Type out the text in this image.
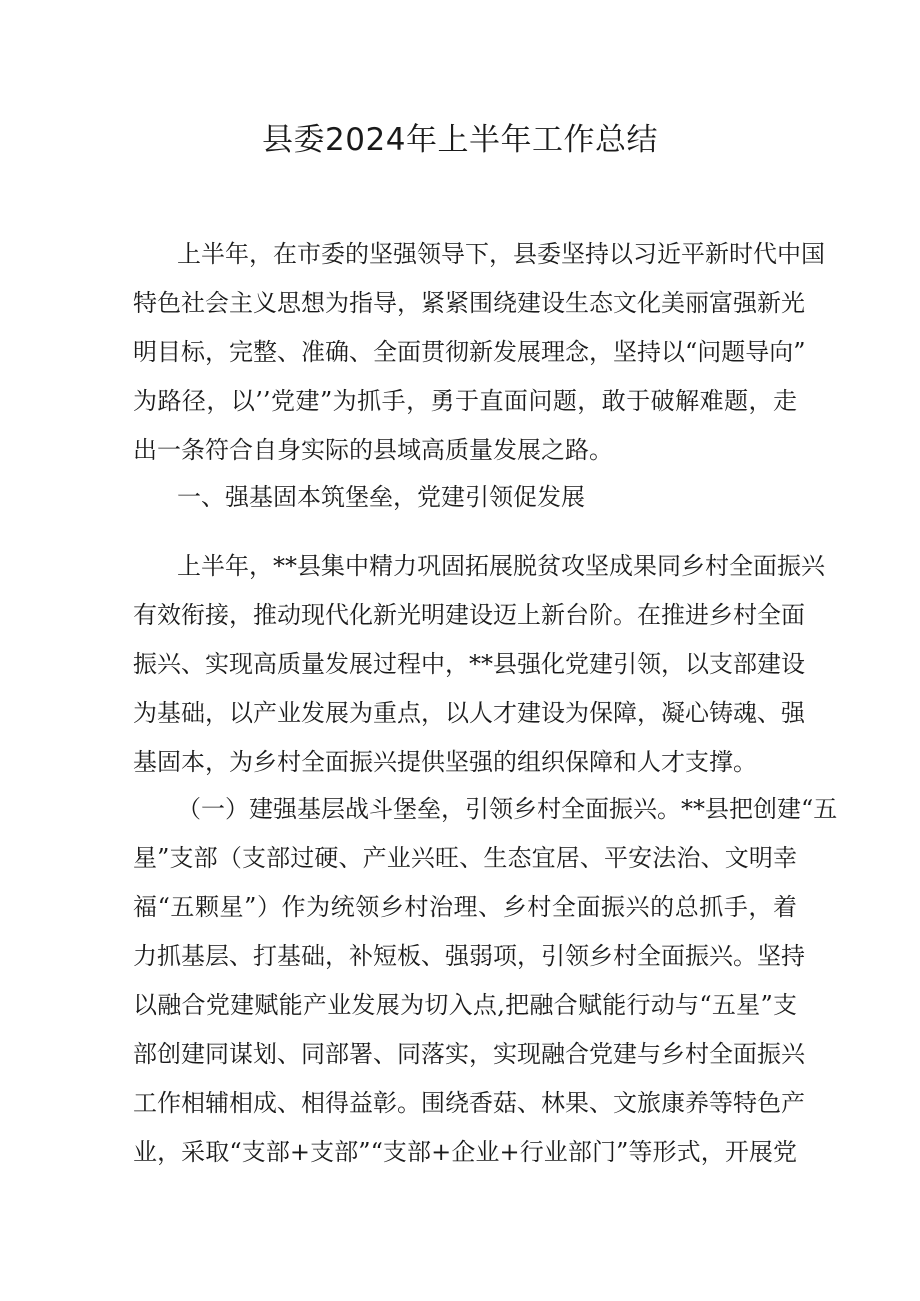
县委2024年上半年工作总结
上半年，在市委的坚强领导下，县委坚持以习近平新时代中国
特色社会主义思想为指导，紧紧围绕建设生态文化美丽富强新光
明目标，完整、准确、全面贯彻新发展理念，坚持以“问题导向”
为路径，以’’党建”为抓手，勇于直面问题，敢于破解难题，走
出一条符合自身实际的县域高质量发展之路。
一、强基固本筑堡垒，党建引领促发展
上半年，**县集中精力巩固拓展脱贫攻坚成果同乡村全面振兴
有效衔接，推动现代化新光明建设迈上新台阶。在推进乡村全面
振兴、实现高质量发展过程中，**县强化党建引领，以支部建设
为基础，以产业发展为重点，以人才建设为保障，凝心铸魂、强
基固本，为乡村全面振兴提供坚强的组织保障和人才支撑。
（一）建强基层战斗堡垒，引领乡村全面振兴。**县把创建“五
星”支部（支部过硬、产业兴旺、生态宜居、平安法治、文明幸
福“五颗星”）作为统领乡村治理、乡村全面振兴的总抓手，着
力抓基层、打基础，补短板、强弱项，引领乡村全面振兴。坚持
以融合党建赋能产业发展为切入点,把融合赋能行动与“五星”支
部创建同谋划、同部署、同落实，实现融合党建与乡村全面振兴
工作相辅相成、相得益彰。围绕香菇、林果、文旅康养等特色产
业，采取“支部+支部”“支部+企业+行业部门”等形式，开展党
